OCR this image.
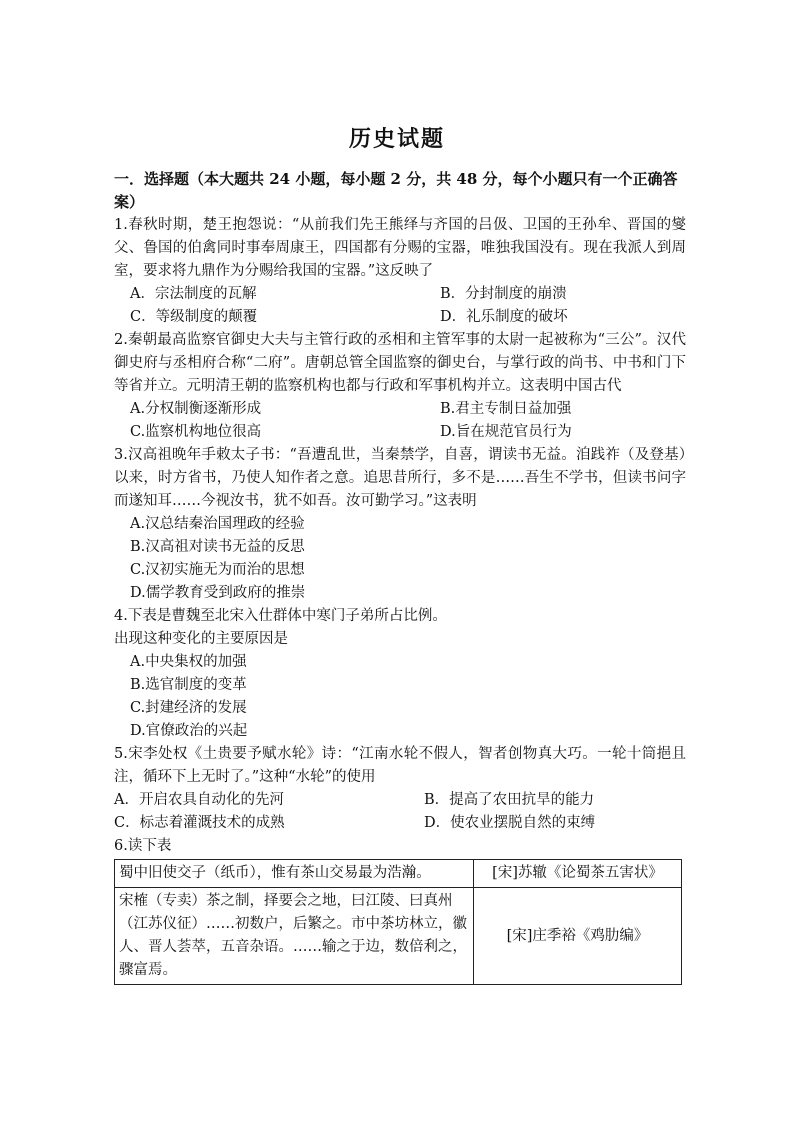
历史试题
一．选择题（本大题共 24 小题，每小题 2 分，共 48 分，每个小题只有一个正确答案）

1.春秋时期，楚王抱怨说：“从前我们先王熊绎与齐国的吕伋、卫国的王孙牟、晋国的燮父、鲁国的伯禽同时事奉周康王，四国都有分赐的宝器，唯独我国没有。现在我派人到周室，要求将九鼎作为分赐给我国的宝器。”这反映了

A．宗法制度的瓦解	B．分封制度的崩溃
C．等级制度的颠覆	D．礼乐制度的破坏

2.秦朝最高监察官御史大夫与主管行政的丞相和主管军事的太尉一起被称为“三公”。汉代御史府与丞相府合称“二府”。唐朝总管全国监察的御史台，与掌行政的尚书、中书和门下等省并立。元明清王朝的监察机构也都与行政和军事机构并立。这表明中国古代

A.分权制衡逐渐形成	B.君主专制日益加强
C.监察机构地位很高	D.旨在规范官员行为

3.汉高祖晚年手敕太子书：“吾遭乱世，当秦禁学，自喜，谓读书无益。洎践祚（及登基）以来，时方省书，乃使人知作者之意。追思昔所行，多不是……吾生不学书，但读书问字而遂知耳……今视汝书，犹不如吾。汝可勤学习。”这表明

A.汉总结秦治国理政的经验
B.汉高祖对读书无益的反思
C.汉初实施无为而治的思想
D.儒学教育受到政府的推崇

4.下表是曹魏至北宋入仕群体中寒门子弟所占比例。

出现这种变化的主要原因是

A.中央集权的加强
B.选官制度的变革
C.封建经济的发展
D.官僚政治的兴起

5.宋李处权《土贵要予赋水轮》诗：“江南水轮不假人，智者创物真大巧。一轮十筒挹且注，循环下上无时了。”这种“水轮”的使用

A．开启农具自动化的先河	B．提高了农田抗旱的能力
C．标志着灌溉技术的成熟	D．使农业摆脱自然的束缚

6.读下表

蜀中旧使交子（纸币），惟有茶山交易最为浩瀚。	[宋]苏辙《论蜀茶五害状》
宋榷（专卖）茶之制，择要会之地，曰江陵、曰真州（江苏仪征）……初数户，后繁之。市中茶坊林立，徽人、晋人荟萃，五音杂语。……输之于边，数倍利之，骤富焉。	[宋]庄季裕《鸡肋编》
